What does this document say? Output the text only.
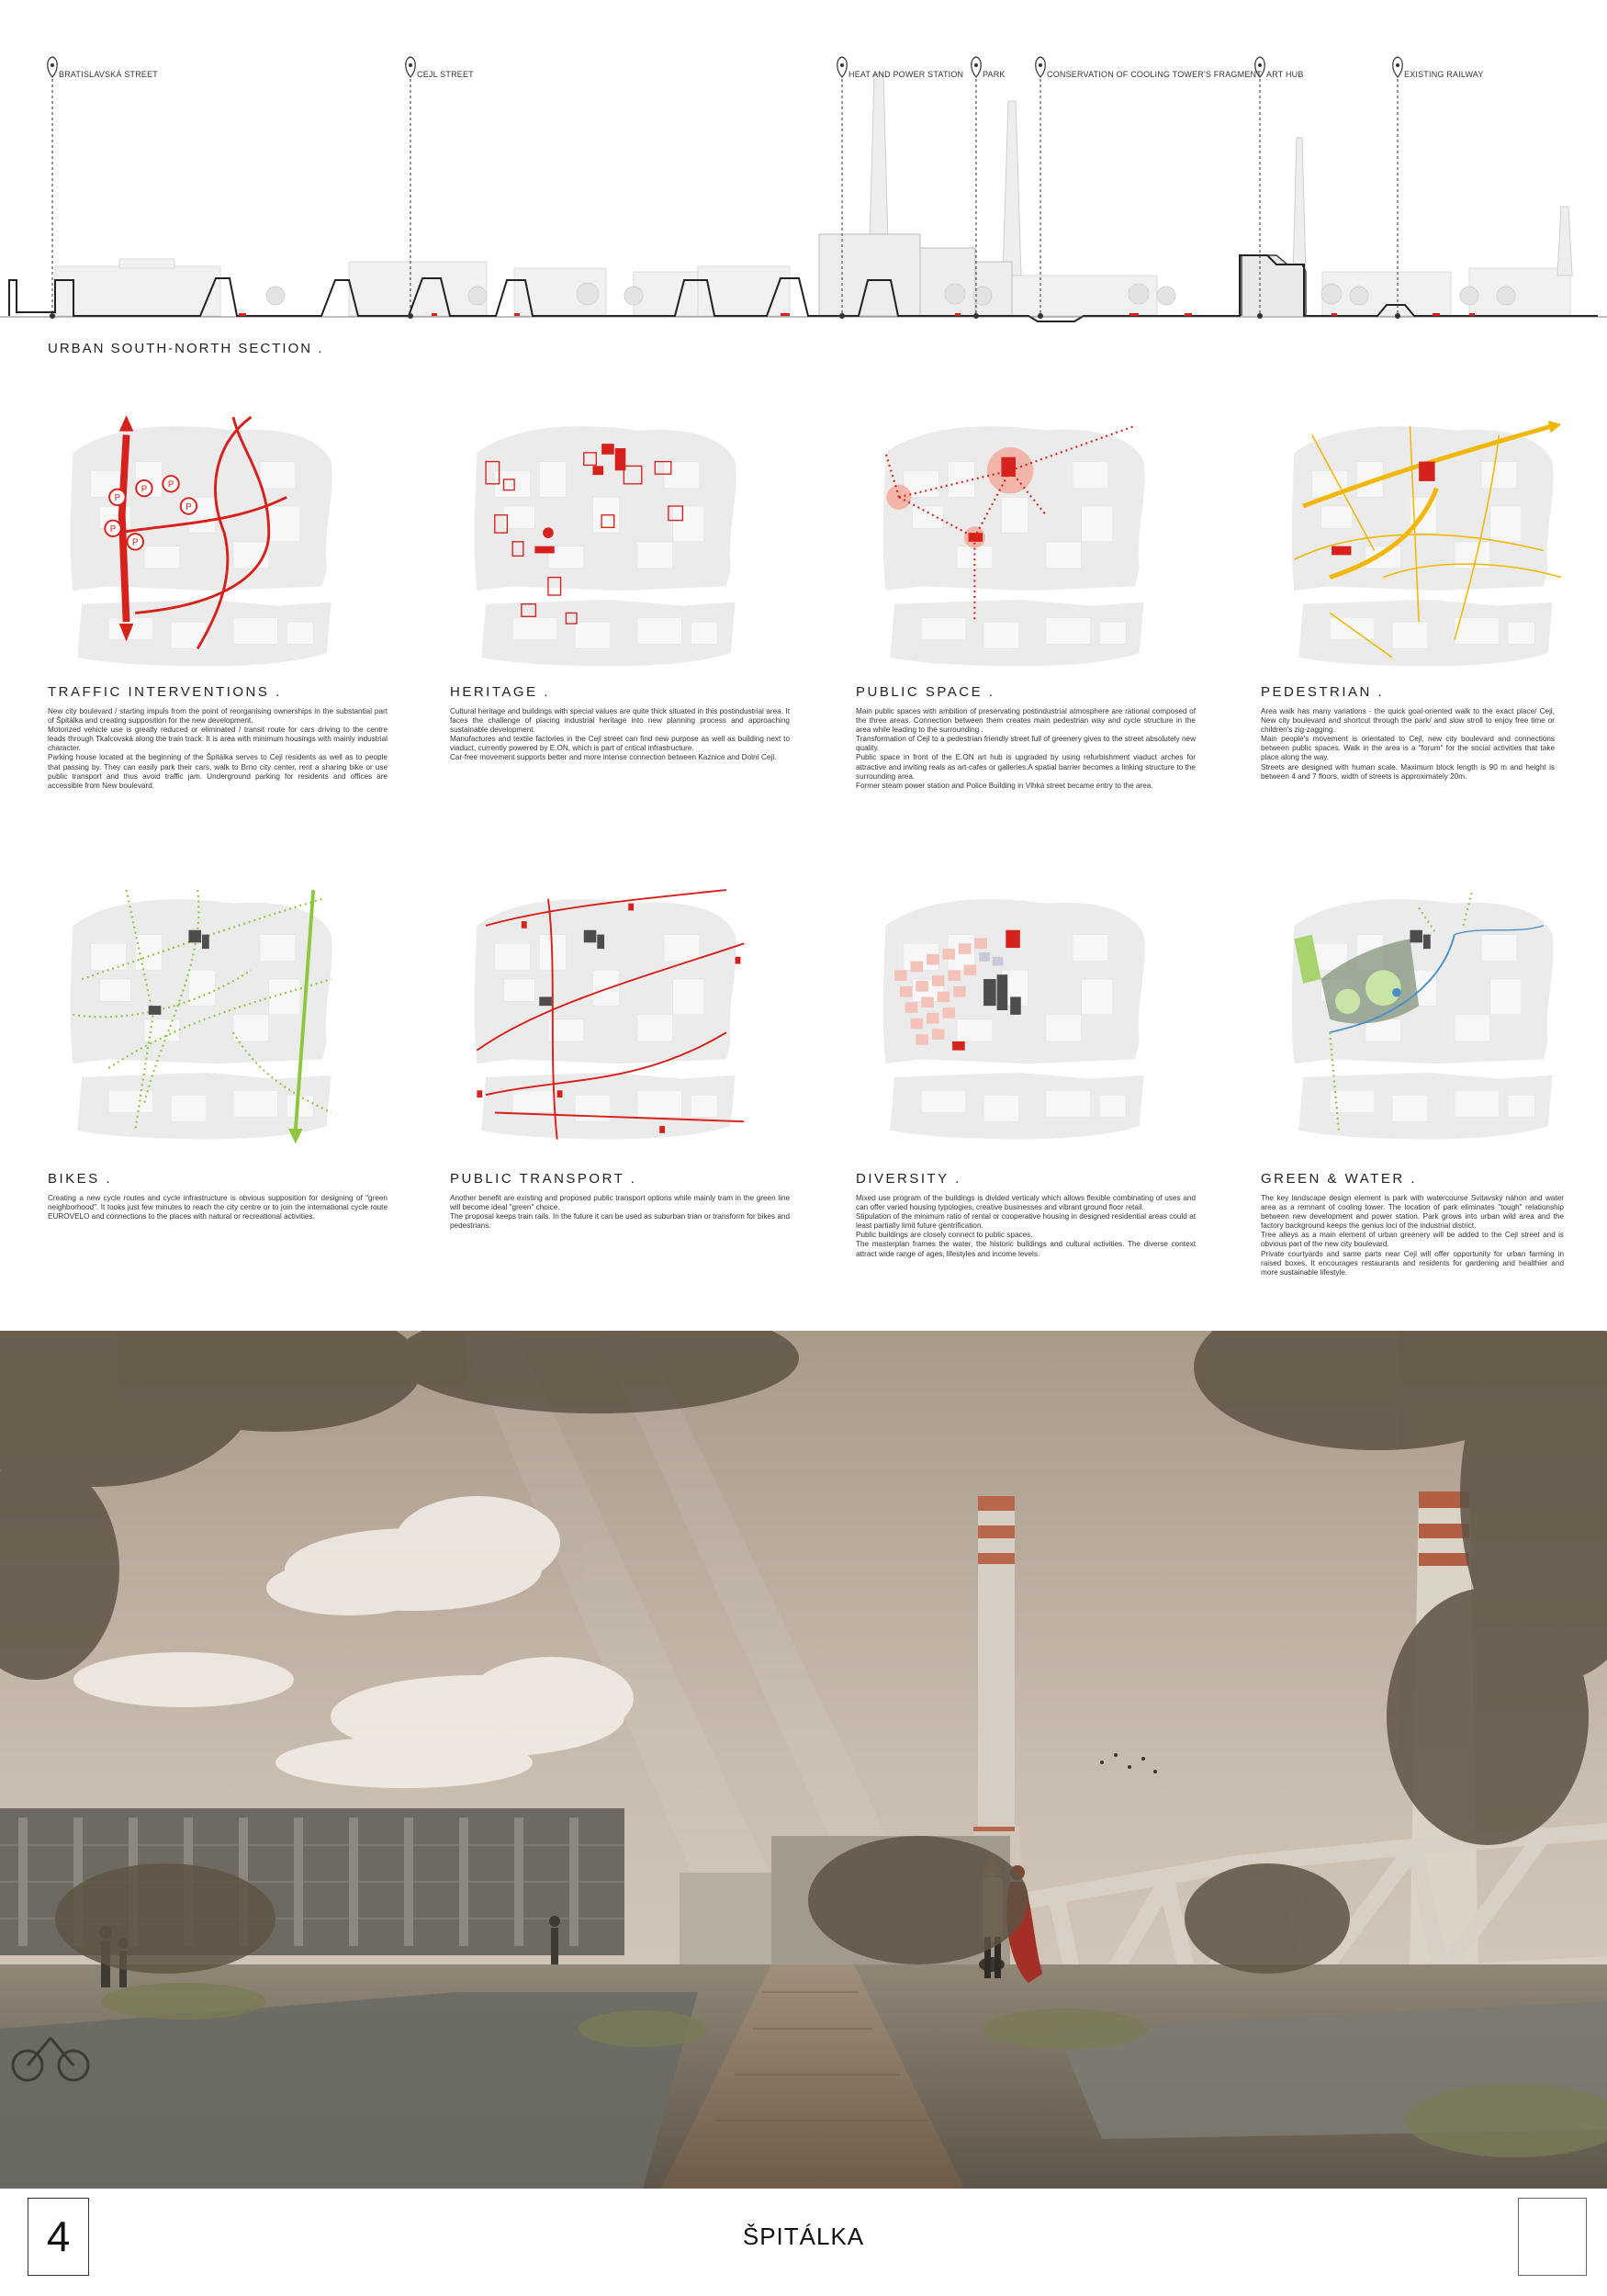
BRATISLAVSKÁ STREET	CEJL STREET	HEAT AND POWER STATION PARK	CONSERVATION OF COOLING TOWER'S FRAGMENT ART HUB	EXISTING RAILWAY
URBAN SOUTH-NORTH SECTION .
P
P P
P
P
P
TRAFFIC INTERVENTIONS .

New city boulevard / starting impuls from the point of reorganising ownerships in the substantial part of Špitálka and creating supposition for the new development.

Motorized vehicle use is greatly reduced or eliminated / transit route for cars driving to the centre leads through Tkalcovská along the train track. It is area with minimum housings with mainly industrial character.

Parking house located at the beginning of the Špitálka serves to Cejl residents as well as to people that passing by. They can easily park their cars, walk to Brno city center, rent a sharing bike or use public transport and thus avoid traffic jam. Underground parking for residents and offices are accessible from New boulevard.

HERITAGE .

Cultural heritage and buildings with special values are quite thick situated in this postindustrial area. It faces the challenge of placing industrial heritage into new planning process and approaching sustainable development.

Manufactures and textile factories in the Cejl street can find new purpose as well as building next to viaduct, currently powered by E.ON, which is part of critical infrastructure.

Car-free movement supports better and more intense connection between Kaznice and Dolní Cejl.

PUBLIC SPACE .

Main public spaces with ambition of preservating postindustrial atmosphere are rational composed of the three areas. Connection between them creates main pedestrian way and cycle structure in the area while leading to the surrounding .

Transformation of Cejl to a pedestrian friendly street full of greenery gives to the street absolutely new quality.

Public space in front of the E.ON art hub is upgraded by using refurbishment viaduct arches for attractive and inviting reals as art-cafes or galleries.A spatial barrier becomes a linking structure to the surrounding area.

Former steam power station and Police Building in Vlhká street became entry to the area.

PEDESTRIAN .

Area walk has many variations - the quick goal-oriented walk to the exact place/ Cejl, New city boulevard and shortcut through the park/ and slow stroll to enjoy free time or children's zig-zagging.

Main people's movement is orientated to Cejl, new city boulevard and connections between public spaces. Walk in the area is a "forum" for the social activities that take place along the way.

Streets are designed with human scale. Maximum block length is 90 m and height is between 4 and 7 floors, width of streets is approximately 20m.

BIKES .

Creating a new cycle routes and cycle infrastructure is obvious supposition for designing of "green neighborhood". It tooks just few minutes to reach the city centre or to join the international cycle route EUROVELO and connections to the places with natural or recreational activities.

PUBLIC TRANSPORT .

Another benefit are existing and proposed public transport options while mainly tram in the green line will become ideal "green" choice.

The proposal keeps train rails. In the future it can be used as suburban trian or transform for bikes and pedestrians.

DIVERSITY .

Mixed use program of the buildings is divided verticaly which allows flexible combinating of uses and can offer varied housing typologies, creative businesses and vibrant ground floor retail.

Stipulation of the minimum ratio of rental or cooperative housing in designed residential areas could at least partially limit future gentrification.

Public buildings are closely connect to public spaces.

The masterplan frames the water, the historic buildings and cultural activities. The diverse context attract wide range of ages, lifestyles and income levels.

GREEN & WATER .

The key landscape design element is park with watercourse Svitavský náhon and water area as a remnant of cooling tower. The location of park eliminates "tough" relationship between new development and power station. Park grows into urban wild area and the factory background keeps the genius loci of the industrial district.

Tree alleys as a main element of urban greenery will be added to the Cejl street and is obvious part of the new city boulevard.

Private courtyards and same parts near Cejl will offer opportunity for urban farming in raised boxes. It encourages restaurants and residents for gardening and healthier and more sustainable lifestyle.

4	ŠPITÁLKA
